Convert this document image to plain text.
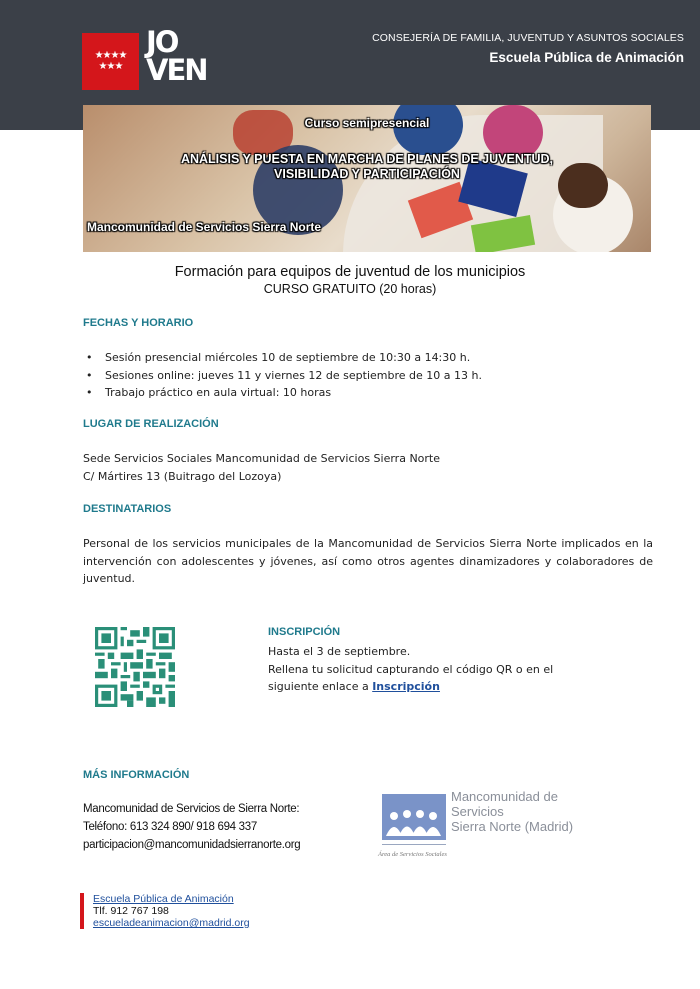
★★★★
★★★
JO VEN
CONSEJERÍA DE FAMILIA, JUVENTUD Y ASUNTOS SOCIALES
Escuela Pública de Animación
Curso semipresencial
ANÁLISIS Y PUESTA EN MARCHA DE PLANES DE JUVENTUD,
VISIBILIDAD Y PARTICIPACIÓN
Mancomunidad de Servicios Sierra Norte
Formación para equipos de juventud de los municipios
CURSO GRATUITO (20 horas)
FECHAS Y HORARIO
• Sesión presencial miércoles 10 de septiembre de 10:30 a 14:30 h.
• Sesiones online: jueves 11 y viernes 12 de septiembre de 10 a 13 h.
• Trabajo práctico en aula virtual: 10 horas
LUGAR DE REALIZACIÓN
Sede Servicios Sociales Mancomunidad de Servicios Sierra Norte
C/ Mártires 13 (Buitrago del Lozoya)
DESTINATARIOS
Personal de los servicios municipales de la Mancomunidad de Servicios Sierra Norte implicados en la intervención con adolescentes y jóvenes, así como otros agentes dinamizadores y colaboradores de juventud.
INSCRIPCIÓN
Hasta el 3 de septiembre.
Rellena tu solicitud capturando el código QR o en el
siguiente enlace a Inscripción
MÁS INFORMACIÓN
Mancomunidad de Servicios de Sierra Norte:
Teléfono: 613 324 890/ 918 694 337
participacion@mancomunidadsierranorte.org
Mancomunidad de
Servicios
Sierra Norte (Madrid)
Área de Servicios Sociales
Escuela Pública de Animación
Tlf. 912 767 198
escueladeanimacion@madrid.org
